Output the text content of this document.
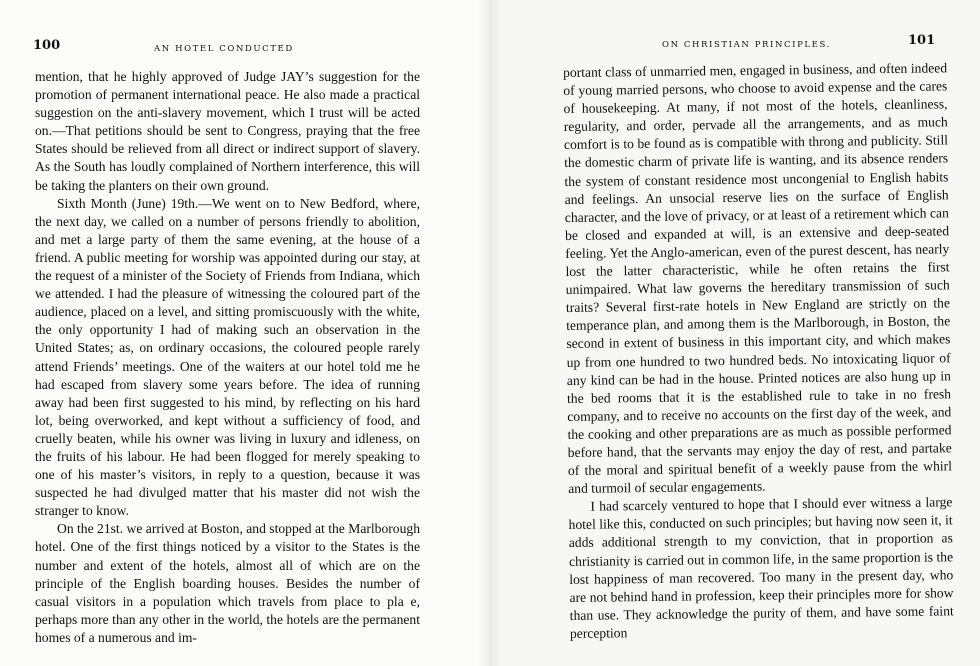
100	AN HOTEL CONDUCTED

mention, that he highly approved of Judge JAY’s suggestion for the promotion of permanent international peace. He also made a practical suggestion on the anti-slavery movement, which I trust will be acted on.—That petitions should be sent to Congress, praying that the free States should be relieved from all direct or indirect support of slavery. As the South has loudly complained of Northern interference, this will be taking the planters on their own ground.

Sixth Month (June) 19th.—We went on to New Bedford, where, the next day, we called on a number of persons friendly to abolition, and met a large party of them the same evening, at the house of a friend. A public meeting for worship was appointed during our stay, at the request of a minister of the Society of Friends from Indiana, which we attended. I had the pleasure of witnessing the coloured part of the audience, placed on a level, and sitting promiscuously with the white, the only opportunity I had of making such an observation in the United States; as, on ordinary occasions, the coloured people rarely attend Friends’ meetings. One of the waiters at our hotel told me he had escaped from slavery some years before. The idea of running away had been first suggested to his mind, by reflecting on his hard lot, being overworked, and kept without a sufficiency of food, and cruelly beaten, while his owner was living in luxury and idleness, on the fruits of his labour. He had been flogged for merely speaking to one of his master’s visitors, in reply to a question, because it was suspected he had divulged matter that his master did not wish the stranger to know.

On the 21st. we arrived at Boston, and stopped at the Marlborough hotel. One of the first things noticed by a visitor to the States is the number and extent of the hotels, almost all of which are on the principle of the English boarding houses. Besides the number of casual visitors in a population which travels from place to pla e, perhaps more than any other in the world, the hotels are the permanent homes of a numerous and im-

ON CHRISTIAN PRINCIPLES.	101

portant class of unmarried men, engaged in business, and often indeed of young married persons, who choose to avoid expense and the cares of housekeeping. At many, if not most of the hotels, cleanliness, regularity, and order, pervade all the arrangements, and as much comfort is to be found as is compatible with throng and publicity. Still the domestic charm of private life is wanting, and its absence renders the system of constant residence most uncongenial to English habits and feelings. An unsocial reserve lies on the surface of English character, and the love of privacy, or at least of a retirement which can be closed and expanded at will, is an extensive and deep-seated feeling. Yet the Anglo-american, even of the purest descent, has nearly lost the latter characteristic, while he often retains the first unimpaired. What law governs the hereditary transmission of such traits? Several first-rate hotels in New England are strictly on the temperance plan, and among them is the Marlborough, in Boston, the second in extent of business in this important city, and which makes up from one hundred to two hundred beds. No intoxicating liquor of any kind can be had in the house. Printed notices are also hung up in the bed rooms that it is the established rule to take in no fresh company, and to receive no accounts on the first day of the week, and the cooking and other preparations are as much as possible performed before hand, that the servants may enjoy the day of rest, and partake of the moral and spiritual benefit of a weekly pause from the whirl and turmoil of secular engagements.

I had scarcely ventured to hope that I should ever witness a large hotel like this, conducted on such principles; but having now seen it, it adds additional strength to my conviction, that in proportion as christianity is carried out in common life, in the same proportion is the lost happiness of man recovered. Too many in the present day, who are not behind hand in profession, keep their principles more for show than use. They acknowledge the purity of them, and have some faint perception
